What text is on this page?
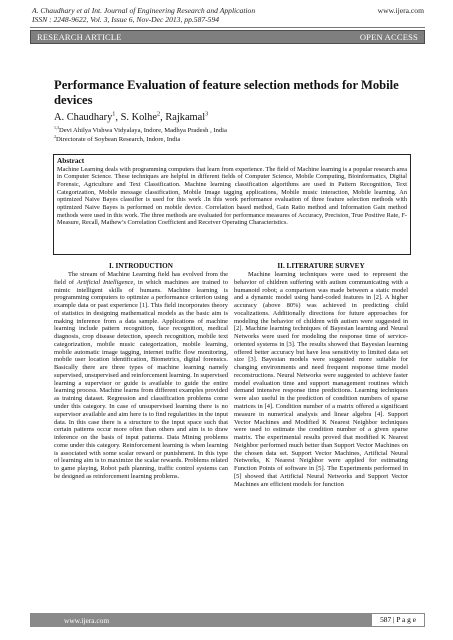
A. Chaudhary et al Int. Journal of Engineering Research and Application	www.ijera.com
ISSN : 2248-9622, Vol. 3, Issue 6, Nov-Dec 2013, pp.587-594
RESEARCH ARTICLE	OPEN ACCESS
Performance Evaluation of feature selection methods for Mobile devices
A. Chaudhary$^1$, S. Kolhe$^2$, Rajkamal$^3$
$^{1,3}$Devi Ahilya Vishwa Vidyalaya, Indore, Madhya Pradesh , India
$^2$Directorate of Soybean Research, Indore, India
Abstract

Machine Learning deals with programming computers that learn from experience. The field of Machine learning is a popular research area in Computer Science. These techniques are helpful in different fields of Computer Science, Mobile Computing, Bioinformatics, Digital Forensic, Agriculture and Text Classification. Machine learning classification algorithms are used in Pattern Recognition, Text Categorization, Mobile message classification, Mobile Image tagging applications, Mobile music interaction, Mobile learning. An optimized Naive Bayes classifier is used for this work .In this work performance evaluation of three feature selection methods with optimized Naive Bayes is performed on mobile device. Correlation based method, Gain Ratio method and Information Gain method methods were used in this work. The three methods are evaluated for performance measures of Accuracy, Precision, True Positive Rate, F- Measure, Recall, Mathew’s Correlation Coefficient and Receiver Operating Characteristics.

I. INTRODUCTION

The stream of Machine Learning field has evolved from the field of Artificial Intelligence, in which machines are trained to mimic intelligent skills of humans. Machine learning is programming computers to optimize a performance criterion using example data or past experience [1]. This field incorporates theory of statistics in designing mathematical models as the basic aim is making inference from a data sample. Applications of machine learning include pattern recognition, face recognition, medical diagnosis, crop disease detection, speech recognition, mobile text categorization, mobile music categorization, mobile learning, mobile automatic image tagging, internet traffic flow monitoring, mobile user location identification, Biometrics, digital forensics. Basically there are three types of machine learning namely supervised, unsupervised and reinforcement learning. In supervised learning a supervisor or guide is available to guide the entire learning process. Machine learns from different examples provided as training dataset. Regression and classification problems come under this category. In case of unsupervised learning there is no supervisor available and aim here is to find regularities in the input data. In this case there is a structure to the input space such that certain patterns occur more often than others and aim is to draw inference on the basis of input patterns. Data Mining problems come under this category. Reinforcement learning is when learning is associated with some scalar reward or punishment. In this type of learning aim is to maximize the scalar rewards. Problems related to game playing, Robot path planning, traffic control systems can be designed as reinforcement learning problems.

II. LITERATURE SURVEY

Machine learning techniques were used to represent the behavior of children suffering with autism communicating with a humanoid robot; a comparison was made between a static model and a dynamic model using hand-coded features in [2]. A higher accuracy (above 80%) was achieved in predicting child vocalizations. Additionally directions for future approaches for modeling the behavior of children with autism were suggested in [2]. Machine learning techniques of Bayesian learning and Neural Networks were used for modeling the response time of service-oriented systems in [3]. The results showed that Bayesian learning offered better accuracy but have less sensitivity to limited data set size [3]. Bayesian models were suggested more suitable for changing environments and need frequent response time model reconstructions. Neural Networks were suggested to achieve faster model evaluation time and support management routines which demand intensive response time predictions. Learning techniques were also useful in the prediction of condition numbers of sparse matrices in [4]. Condition number of a matrix offered a significant measure in numerical analysis and linear algebra [4]. Support Vector Machines and Modified K Nearest Neighbor techniques were used to estimate the condition number of a given sparse matrix. The experimental results proved that modified K Nearest Neighbor performed much better than Support Vector Machines on the chosen data set. Support Vector Machines, Artificial Neural Networks, K Nearest Neighbor were applied for estimating Function Points of software in [5]. The Experiments performed in [5] showed that Artificial Neural Networks and Support Vector Machines are efficient models for function

www.ijera.com	587 | P a g e
